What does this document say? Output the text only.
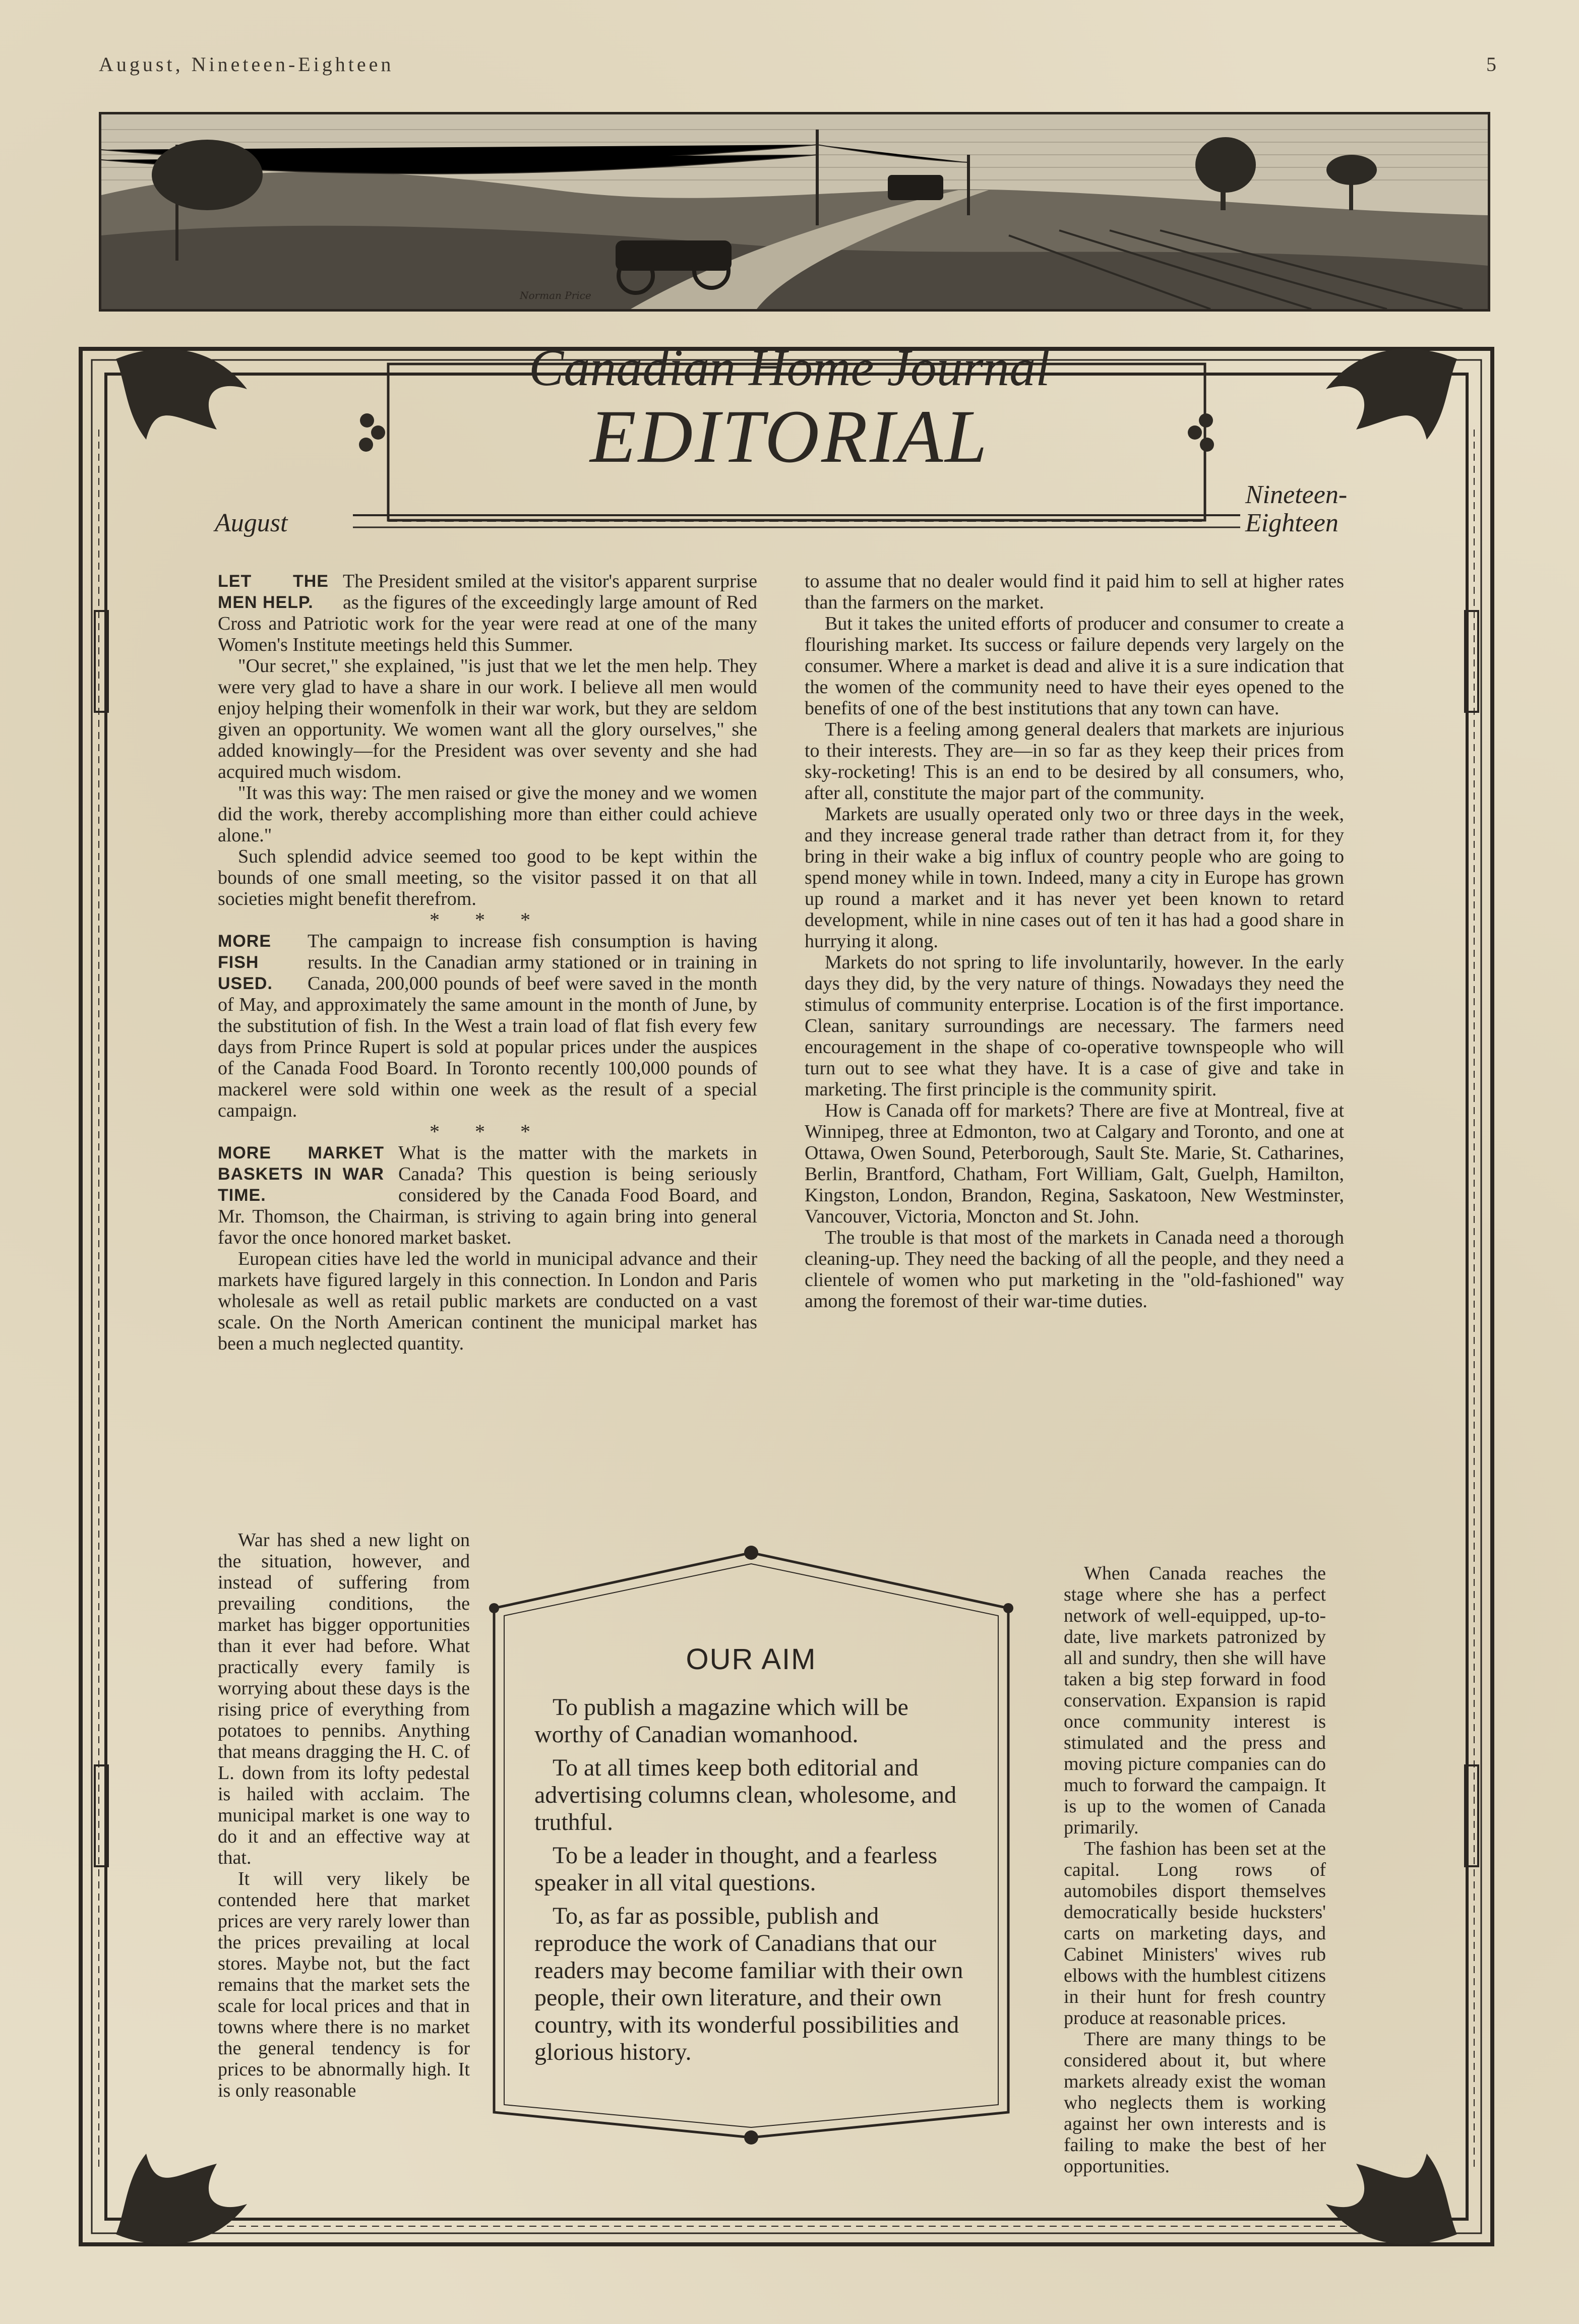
August, Nineteen-Eighteen	5
Norman Price
Canadian Home Journal
EDITORIAL
August
Nineteen-
Eighteen

LET THE MEN HELP.
The President smiled at the visitor's apparent surprise as the figures of the exceedingly large amount of Red Cross and Patriotic work for the year were read at one of the many Women's Institute meetings held this Summer.

"Our secret," she explained, "is just that we let the men help. They were very glad to have a share in our work. I believe all men would enjoy helping their womenfolk in their war work, but they are seldom given an opportunity. We women want all the glory ourselves," she added knowingly—for the President was over seventy and she had acquired much wisdom.

"It was this way: The men raised or give the money and we women did the work, thereby accomplishing more than either could achieve alone."

Such splendid advice seemed too good to be kept within the bounds of one small meeting, so the visitor passed it on that all societies might benefit therefrom.

* * *

MORE FISH USED.
The campaign to increase fish consumption is having results. In the Canadian army stationed or in training in Canada, 200,000 pounds of beef were saved in the month of May, and approximately the same amount in the month of June, by the substitution of fish. In the West a train load of flat fish every few days from Prince Rupert is sold at popular prices under the auspices of the Canada Food Board. In Toronto recently 100,000 pounds of mackerel were sold within one week as the result of a special campaign.

* * *

MORE MARKET BASKETS IN WAR TIME.
What is the matter with the markets in Canada? This question is being seriously considered by the Canada Food Board, and Mr. Thomson, the Chairman, is striving to again bring into general favor the once honored market basket.

European cities have led the world in municipal advance and their markets have figured largely in this connection. In London and Paris wholesale as well as retail public markets are conducted on a vast scale. On the North American continent the municipal market has been a much neglected quantity.

War has shed a new light on the situation, however, and instead of suffering from prevailing conditions, the market has bigger opportunities than it ever had before. What practically every family is worrying about these days is the rising price of everything from potatoes to pennibs. Anything that means dragging the H. C. of L. down from its lofty pedestal is hailed with acclaim. The municipal market is one way to do it and an effective way at that.

It will very likely be contended here that market prices are very rarely lower than the prices prevailing at local stores. Maybe not, but the fact remains that the market sets the scale for local prices and that in towns where there is no market the general tendency is for prices to be abnormally high. It is only reasonable

to assume that no dealer would find it paid him to sell at higher rates than the farmers on the market.

But it takes the united efforts of producer and consumer to create a flourishing market. Its success or failure depends very largely on the consumer. Where a market is dead and alive it is a sure indication that the women of the community need to have their eyes opened to the benefits of one of the best institutions that any town can have.

There is a feeling among general dealers that markets are injurious to their interests. They are—in so far as they keep their prices from sky-rocketing! This is an end to be desired by all consumers, who, after all, constitute the major part of the community.

Markets are usually operated only two or three days in the week, and they increase general trade rather than detract from it, for they bring in their wake a big influx of country people who are going to spend money while in town. Indeed, many a city in Europe has grown up round a market and it has never yet been known to retard development, while in nine cases out of ten it has had a good share in hurrying it along.

Markets do not spring to life involuntarily, however. In the early days they did, by the very nature of things. Nowadays they need the stimulus of community enterprise. Location is of the first importance. Clean, sanitary surroundings are necessary. The farmers need encouragement in the shape of co-operative townspeople who will turn out to see what they have. It is a case of give and take in marketing. The first principle is the community spirit.

How is Canada off for markets? There are five at Montreal, five at Winnipeg, three at Edmonton, two at Calgary and Toronto, and one at Ottawa, Owen Sound, Peterborough, Sault Ste. Marie, St. Catharines, Berlin, Brantford, Chatham, Fort William, Galt, Guelph, Hamilton, Kingston, London, Brandon, Regina, Saskatoon, New Westminster, Vancouver, Victoria, Moncton and St. John.

The trouble is that most of the markets in Canada need a thorough cleaning-up. They need the backing of all the people, and they need a clientele of women who put marketing in the "old-fashioned" way among the foremost of their war-time duties.

When Canada reaches the stage where she has a perfect network of well-equipped, up-to-date, live markets patronized by all and sundry, then she will have taken a big step forward in food conservation. Expansion is rapid once community interest is stimulated and the press and moving picture companies can do much to forward the campaign. It is up to the women of Canada primarily.

The fashion has been set at the capital. Long rows of automobiles disport themselves democratically beside hucksters' carts on marketing days, and Cabinet Ministers' wives rub elbows with the humblest citizens in their hunt for fresh country produce at reasonable prices.

There are many things to be considered about it, but where markets already exist the woman who neglects them is working against her own interests and is failing to make the best of her opportunities.

OUR AIM

To publish a magazine which will be worthy of Canadian womanhood.

To at all times keep both editorial and advertising columns clean, wholesome, and truthful.

To be a leader in thought, and a fearless speaker in all vital questions.

To, as far as possible, publish and reproduce the work of Canadians that our readers may become familiar with their own people, their own literature, and their own country, with its wonderful possibilities and glorious history.
